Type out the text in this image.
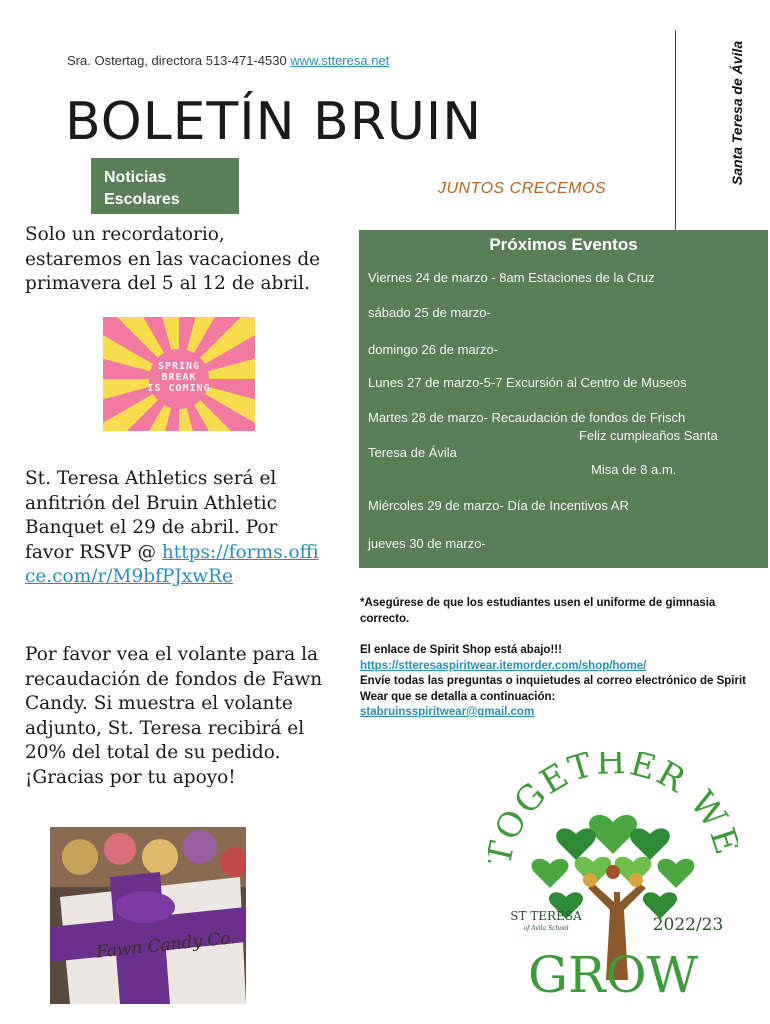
Sra. Ostertag, directora 513-471-4530 www.stteresa.net
BOLETÍN BRUIN	Santa Teresa de Ávila
Noticias
Escolares
JUNTOS CRECEMOS
Solo un recordatorio, estaremos en las vacaciones de primavera del 5 al 12 de abril.
SPRING
BREAK
IS COMING
St. Teresa Athletics será el anfitrión del Bruin Athletic Banquet el 29 de abril. Por favor RSVP @ https://forms.office.com/r/M9bfPJxwRe
Por favor vea el volante para la recaudación de fondos de Fawn Candy. Si muestra el volante adjunto, St. Teresa recibirá el 20% del total de su pedido. ¡Gracias por tu apoyo!
Fawn Candy Co.
Próximos Eventos
Viernes 24 de marzo - 8am Estaciones de la Cruz
sábado 25 de marzo-
domingo 26 de marzo-
Lunes 27 de marzo-5-7 Excursión al Centro de Museos
Martes 28 de marzo- Recaudación de fondos de Frisch
Feliz cumpleaños Santa
Teresa de Ávila
Misa de 8 a.m.
Miércoles 29 de marzo- Día de Incentivos AR
jueves 30 de marzo-
*Asegúrese de que los estudiantes usen el uniforme de gimnasia correcto.
El enlace de Spirit Shop está abajo!!!
https://stteresaspiritwear.itemorder.com/shop/home/
Envíe todas las preguntas o inquietudes al correo electrónico de Spirit Wear que se detalla a continuación:
stabruinsspiritwear@gmail.com
OGETHER W
2022/23
ST TERESA
of Avila School
GROW
